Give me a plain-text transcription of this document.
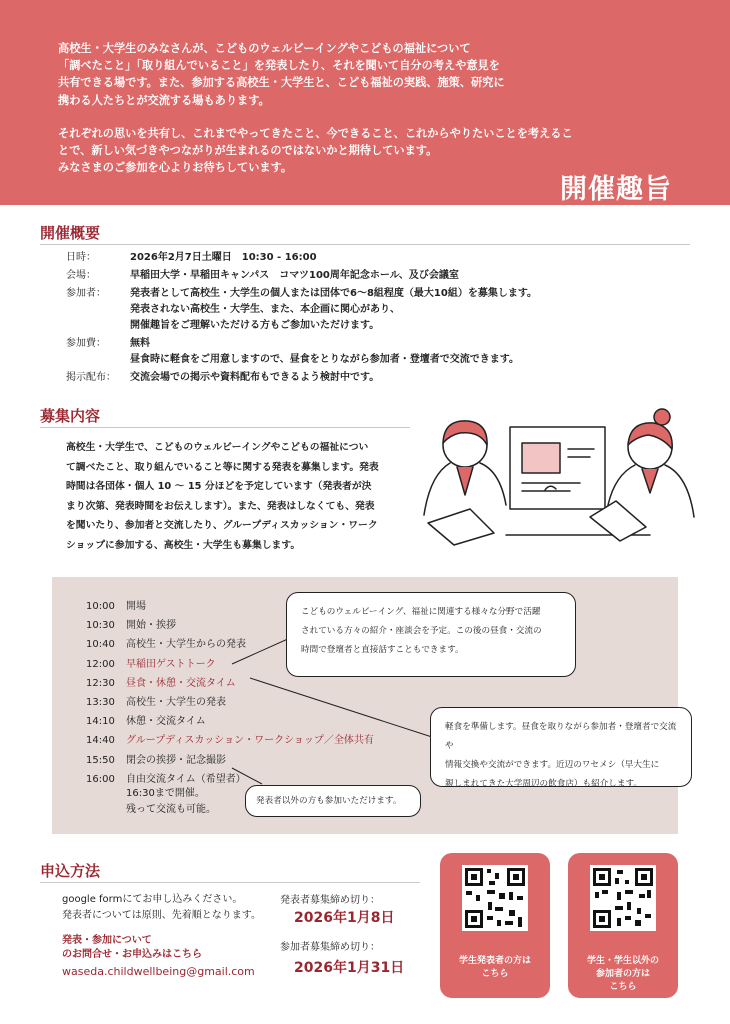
高校生・大学生のみなさんが、こどものウェルビーイングやこどもの福祉について
「調べたこと」「取り組んでいること」を発表したり、それを聞いて自分の考えや意見を
共有できる場です。また、参加する高校生・大学生と、こども福祉の実践、施策、研究に
携わる人たちとが交流する場もあります。

それぞれの思いを共有し、これまでやってきたこと、今できること、これからやりたいことを考えるこ
とで、新しい気づきやつながりが生まれるのではないかと期待しています。
みなさまのご参加を心よりお待ちしています。

開催趣旨
開催概要
日時：	2026年2月7日土曜日　10:30 - 16:00
会場：	早稲田大学・早稲田キャンパス　コマツ100周年記念ホール、及び会議室
参加者：	発表者として高校生・大学生の個人または団体で6～8組程度（最大10組）を募集します。
発表されない高校生・大学生、また、本企画に関心があり、
開催趣旨をご理解いただける方もご参加いただけます。
参加費：	無料
昼食時に軽食をご用意しますので、昼食をとりながら参加者・登壇者で交流できます。
掲示配布：	交流会場での掲示や資料配布もできるよう検討中です。
募集内容
高校生・大学生で、こどものウェルビーイングやこどもの福祉につい
て調べたこと、取り組んでいること等に関する発表を募集します。発表
時間は各団体・個人 10 ～ 15 分ほどを予定しています（発表者が決
まり次第、発表時間をお伝えします）。また、発表はしなくても、発表
を聞いたり、参加者と交流したり、グループディスカッション・ワーク
ショップに参加する、高校生・大学生も募集します。
10:00	開場
10:30	開始・挨拶
10:40	高校生・大学生からの発表
12:00	早稲田ゲストトーク
12:30	昼食・休憩・交流タイム
13:30	高校生・大学生の発表
14:10	休憩・交流タイム
14:40	グループディスカッション・ワークショップ／全体共有
15:50	閉会の挨拶・記念撮影
16:00	自由交流タイム（希望者）
16:30まで開催。
残って交流も可能。
こどものウェルビーイング、福祉に関連する様々な分野で活躍
されている方々の紹介・座談会を予定。この後の昼食・交流の
時間で登壇者と直接話すこともできます。
軽食を準備します。昼食を取りながら参加者・登壇者で交流や
情報交換や交流ができます。近辺のワセメシ（早大生に
親しまれてきた大学周辺の飲食店）も紹介します。
発表者以外の方も参加いただけます。
申込方法
google formにてお申し込みください。
発表者については原則、先着順となります。
発表・参加について
のお問合せ・お申込みはこちら
waseda.childwellbeing@gmail.com
発表者募集締め切り：
2026年1月8日
参加者募集締め切り：
2026年1月31日	学生発表者の方は
こちら
学生・学生以外の
参加者の方は
こちら
